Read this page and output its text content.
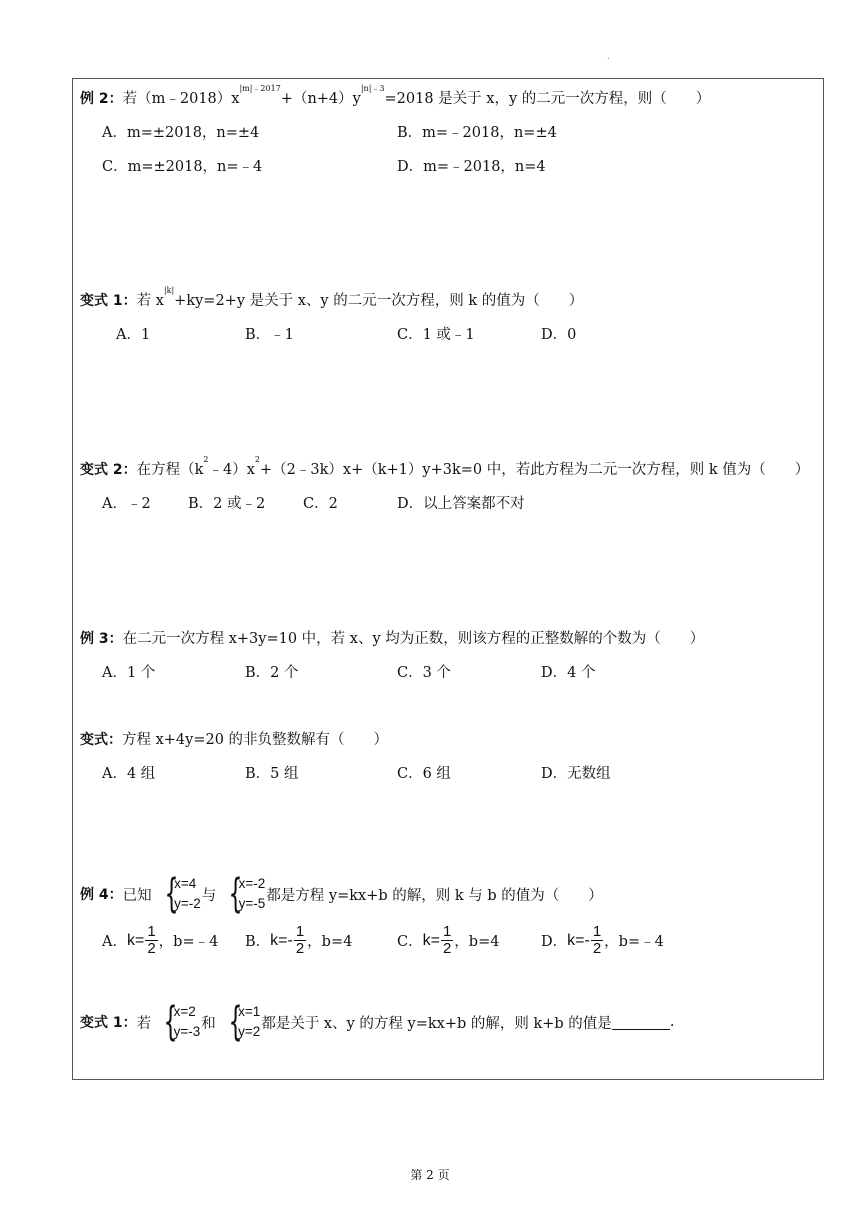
.
例 2：若$(m﹣2018)x^{|m|﹣2017}+(n+4)y^{|n|﹣3}=2018$ 是关于 x，y 的二元一次方程，则（　　）
A．m=±2018，n=±4	B．m=﹣2018，n=±4
C．m=±2018，n=﹣4	D．m=﹣2018，n=4
变式 1：若 $x^{|k|}+ky=2+y$ 是关于 x、y 的二元一次方程，则 k 的值为（　　）
A．1	B．﹣1	C．1 或﹣1	D．0
变式 2：在方程$(k^2﹣4)x^2+(2﹣3k)x+(k+1)y+3k=0$ 中，若此方程为二元一次方程，则 k 值为（　　）
A．﹣2	B．2 或﹣2	C．2	D．以上答案都不对
例 3：在二元一次方程 x+3y=10 中，若 x、y 均为正数，则该方程的正整数解的个数为（　　）
A．1 个	B．2 个	C．3 个	D．4 个
变式：方程 x+4y=20 的非负整数解有（　　）
A．4 组	B．5 组	C．6 组	D．无数组
例 4： 已知 {
x=4
y=-2 与 {
x=-2
y=-5 都是方程 y=kx+b 的解，则 k 与 b 的值为（　　）
A． $k= \frac{1}{2}$ ，b=﹣4 B． $k=- \frac{1}{2}$ ，b=4	C． $k= \frac{1}{2}$ ，b=4	D． $k=- \frac{1}{2}$ ，b=﹣4
变式 1： 若 {
x=2
y=-3 和 {
x=1
y=2 都是关于 x、y 的方程 y=kx+b 的解，则 k+b 的值是	.
第 2 页
